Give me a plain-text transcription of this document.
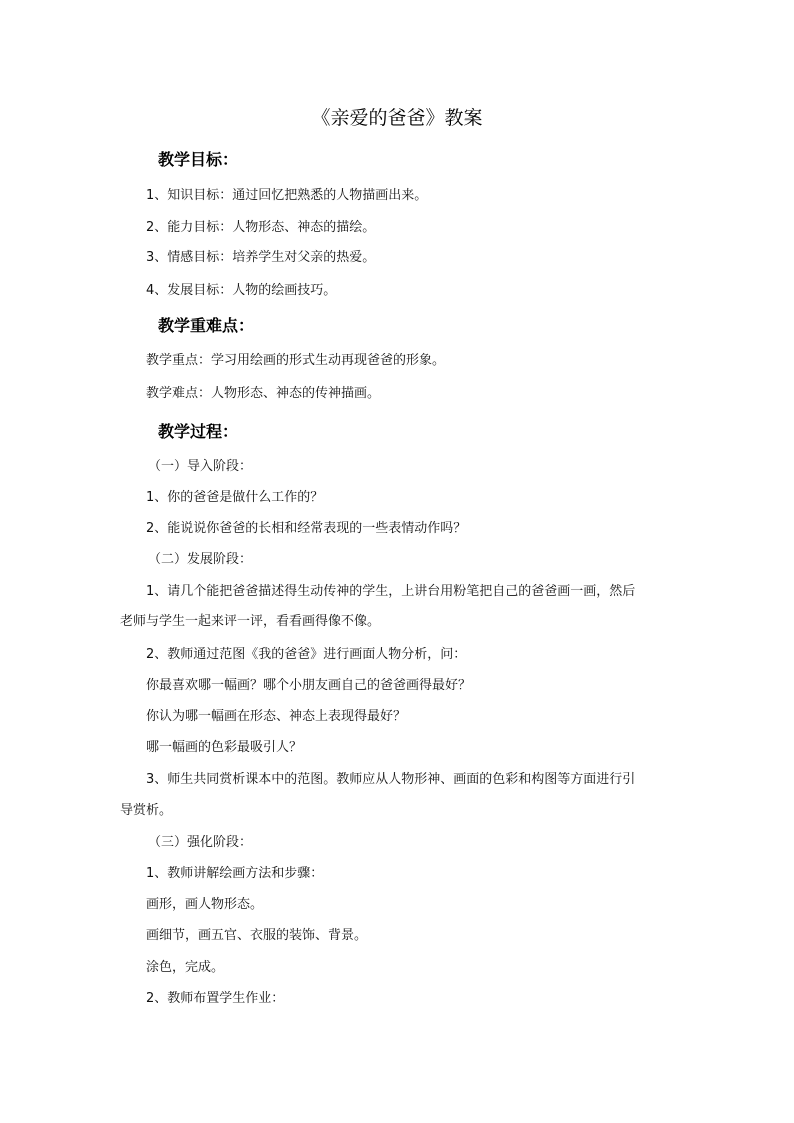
《亲爱的爸爸》教案
教学目标：
1、知识目标：通过回忆把熟悉的人物描画出来。
2、能力目标：人物形态、神态的描绘。
3、情感目标：培养学生对父亲的热爱。
4、发展目标：人物的绘画技巧。
教学重难点：
教学重点：学习用绘画的形式生动再现爸爸的形象。
教学难点：人物形态、神态的传神描画。
教学过程：
（一）导入阶段：
1、你的爸爸是做什么工作的？
2、能说说你爸爸的长相和经常表现的一些表情动作吗？
（二）发展阶段：
1、请几个能把爸爸描述得生动传神的学生，上讲台用粉笔把自己的爸爸画一画，然后
老师与学生一起来评一评，看看画得像不像。
2、教师通过范图《我的爸爸》进行画面人物分析，问：
你最喜欢哪一幅画？哪个小朋友画自己的爸爸画得最好？
你认为哪一幅画在形态、神态上表现得最好？
哪一幅画的色彩最吸引人？
3、师生共同赏析课本中的范图。教师应从人物形神、画面的色彩和构图等方面进行引
导赏析。
（三）强化阶段：
1、教师讲解绘画方法和步骤：
画形，画人物形态。
画细节，画五官、衣服的装饰、背景。
涂色，完成。
2、教师布置学生作业：
